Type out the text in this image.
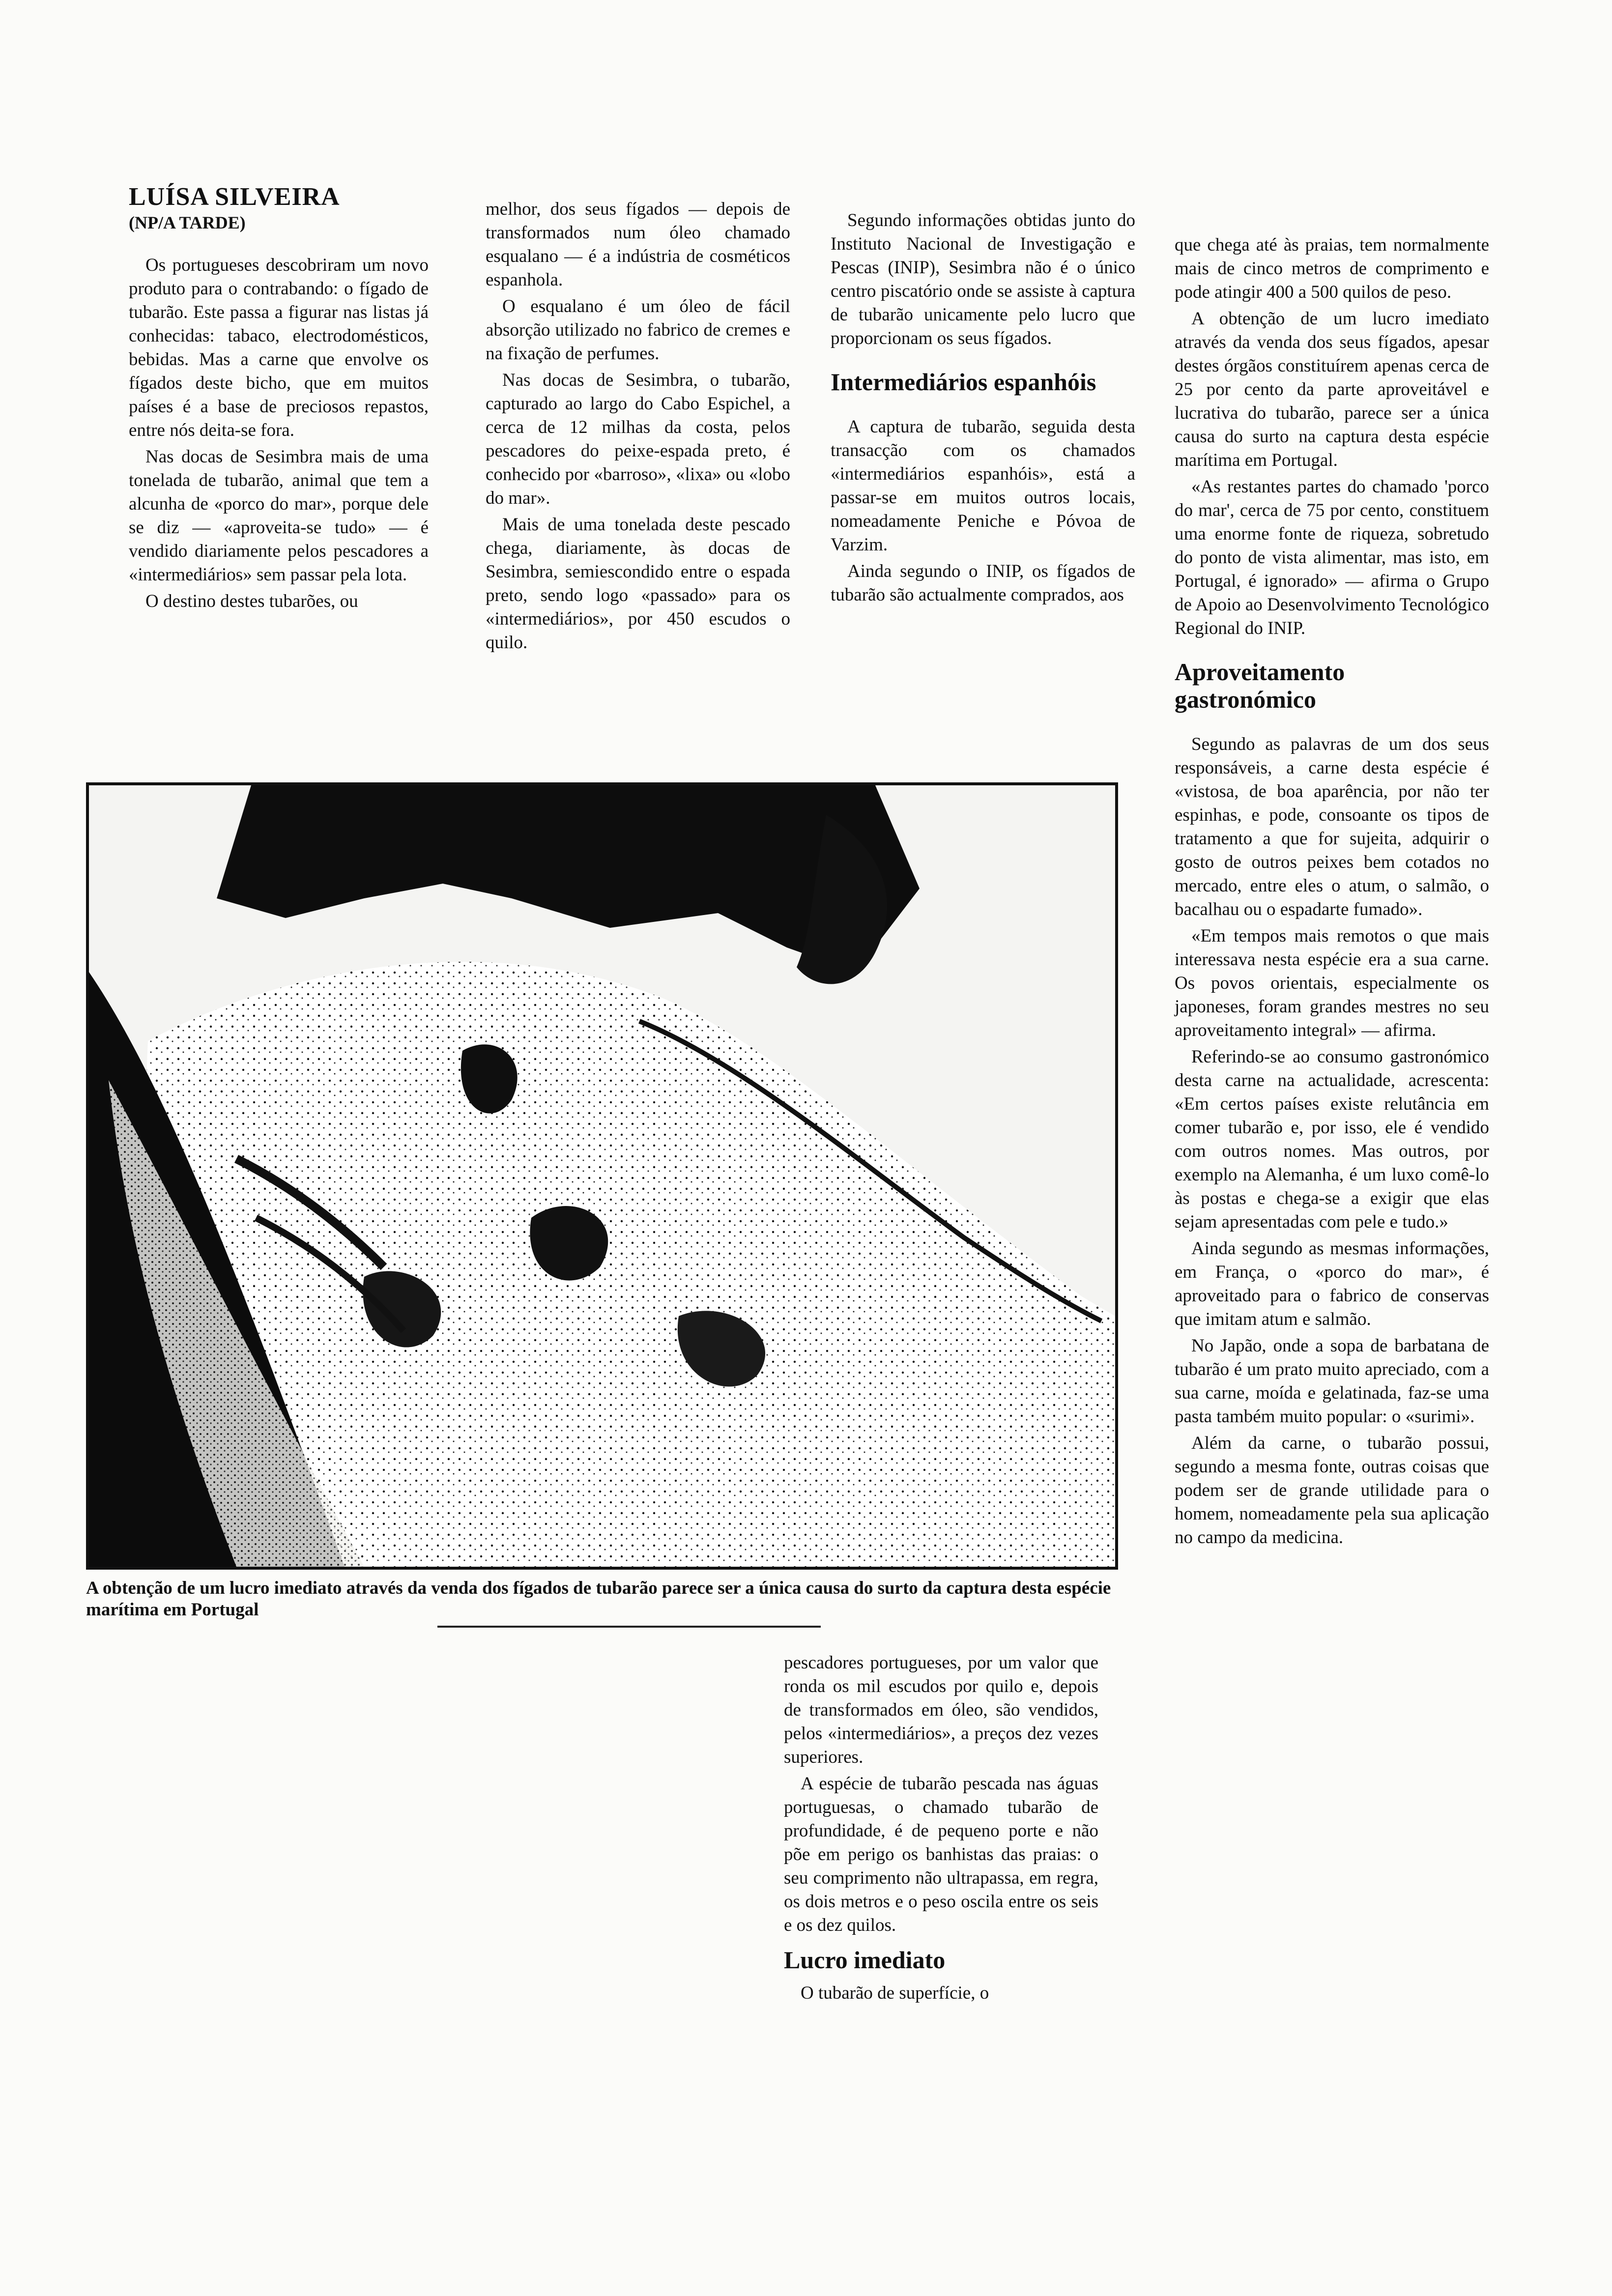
LUÍSA SILVEIRA
(NP/A TARDE)

Os portugueses descobriram um novo produto para o contrabando: o fígado de tubarão. Este passa a figurar nas listas já conhecidas: tabaco, electrodomésticos, bebidas. Mas a carne que envolve os fígados deste bicho, que em muitos países é a base de preciosos repastos, entre nós deita-se fora.

Nas docas de Sesimbra mais de uma tonelada de tubarão, animal que tem a alcunha de «porco do mar», porque dele se diz — «aproveita-se tudo» — é vendido diariamente pelos pescadores a «intermediários» sem passar pela lota.

O destino destes tubarões, ou

melhor, dos seus fígados — depois de transformados num óleo chamado esqualano — é a indústria de cosméticos espanhola.

O esqualano é um óleo de fácil absorção utilizado no fabrico de cremes e na fixação de perfumes.

Nas docas de Sesimbra, o tubarão, capturado ao largo do Cabo Espichel, a cerca de 12 milhas da costa, pelos pescadores do peixe-espada preto, é conhecido por «barroso», «lixa» ou «lobo do mar».

Mais de uma tonelada deste pescado chega, diariamente, às docas de Sesimbra, semiescondido entre o espada preto, sendo logo «passado» para os «intermediários», por 450 escudos o quilo.

Segundo informações obtidas junto do Instituto Nacional de Investigação e Pescas (INIP), Sesimbra não é o único centro piscatório onde se assiste à captura de tubarão unicamente pelo lucro que proporcionam os seus fígados.

Intermediários espanhóis

A captura de tubarão, seguida desta transacção com os chamados «intermediários espanhóis», está a passar-se em muitos outros locais, nomeadamente Peniche e Póvoa de Varzim.

Ainda segundo o INIP, os fígados de tubarão são actualmente comprados, aos

que chega até às praias, tem normalmente mais de cinco metros de comprimento e pode atingir 400 a 500 quilos de peso.

A obtenção de um lucro imediato através da venda dos seus fígados, apesar destes órgãos constituírem apenas cerca de 25 por cento da parte aproveitável e lucrativa do tubarão, parece ser a única causa do surto na captura desta espécie marítima em Portugal.

«As restantes partes do chamado 'porco do mar', cerca de 75 por cento, constituem uma enorme fonte de riqueza, sobretudo do ponto de vista alimentar, mas isto, em Portugal, é ignorado» — afirma o Grupo de Apoio ao Desenvolvimento Tecnológico Regional do INIP.

Aproveitamento gastronómico

Segundo as palavras de um dos seus responsáveis, a carne desta espécie é «vistosa, de boa aparência, por não ter espinhas, e pode, consoante os tipos de tratamento a que for sujeita, adquirir o gosto de outros peixes bem cotados no mercado, entre eles o atum, o salmão, o bacalhau ou o espadarte fumado».

«Em tempos mais remotos o que mais interessava nesta espécie era a sua carne. Os povos orientais, especialmente os japoneses, foram grandes mestres no seu aproveitamento integral» — afirma.

Referindo-se ao consumo gastronómico desta carne na actualidade, acrescenta: «Em certos países existe relutância em comer tubarão e, por isso, ele é vendido com outros nomes. Mas outros, por exemplo na Alemanha, é um luxo comê-lo às postas e chega-se a exigir que elas sejam apresentadas com pele e tudo.»

Ainda segundo as mesmas informações, em França, o «porco do mar», é aproveitado para o fabrico de conservas que imitam atum e salmão.

No Japão, onde a sopa de barbatana de tubarão é um prato muito apreciado, com a sua carne, moída e gelatinada, faz-se uma pasta também muito popular: o «surimi».

Além da carne, o tubarão possui, segundo a mesma fonte, outras coisas que podem ser de grande utilidade para o homem, nomeadamente pela sua aplicação no campo da medicina.

A obtenção de um lucro imediato através da venda dos fígados de tubarão parece ser a única causa do surto da captura desta espécie marítima em Portugal

pescadores portugueses, por um valor que ronda os mil escudos por quilo e, depois de transformados em óleo, são vendidos, pelos «intermediários», a preços dez vezes superiores.

A espécie de tubarão pescada nas águas portuguesas, o chamado tubarão de profundidade, é de pequeno porte e não põe em perigo os banhistas das praias: o seu comprimento não ultrapassa, em regra, os dois metros e o peso oscila entre os seis e os dez quilos.

Lucro imediato

O tubarão de superfície, o
